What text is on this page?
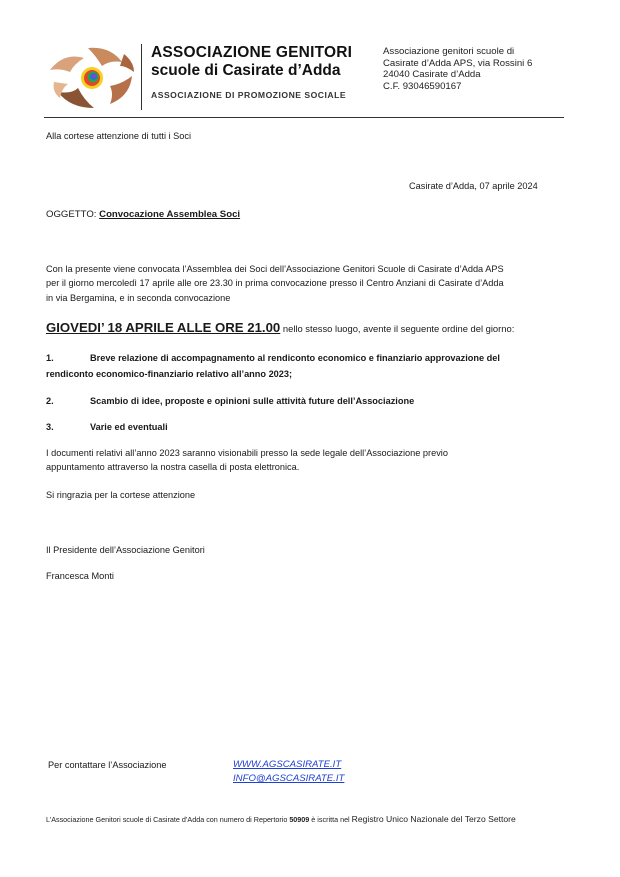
ASSOCIAZIONE GENITORI
scuole di Casirate d’Adda
ASSOCIAZIONE DI PROMOZIONE SOCIALE
Associazione genitori scuole di
Casirate d’Adda APS, via Rossini 6
24040 Casirate d’Adda
C.F. 93046590167
Alla cortese attenzione di tutti i Soci
Casirate d’Adda, 07 aprile 2024
OGGETTO: Convocazione Assemblea Soci
Con la presente viene convocata l’Assemblea dei Soci dell’Associazione Genitori Scuole di Casirate d’Adda APS
per il giorno mercoledì 17 aprile alle ore 23.30 in prima convocazione presso il Centro Anziani di Casirate d’Adda
in via Bergamina, e in seconda convocazione
GIOVEDI’ 18 APRILE ALLE ORE 21.00 nello stesso luogo, avente il seguente ordine del giorno:
1.	Breve relazione di accompagnamento al rendiconto economico e finanziario approvazione del
rendiconto economico-finanziario relativo all’anno 2023;
2.	Scambio di idee, proposte e opinioni sulle attività future dell’Associazione
3.	Varie ed eventuali
I documenti relativi all’anno 2023 saranno visionabili presso la sede legale dell’Associazione previo
appuntamento attraverso la nostra casella di posta elettronica.
Si ringrazia per la cortese attenzione
Il Presidente dell’Associazione Genitori
Francesca Monti
Per contattare l’Associazione	WWW.AGSCASIRATE.IT
INFO@AGSCASIRATE.IT
L’Associazione Genitori scuole di Casirate d’Adda con numero di Repertorio 50909 è iscritta nel Registro Unico Nazionale del Terzo Settore
